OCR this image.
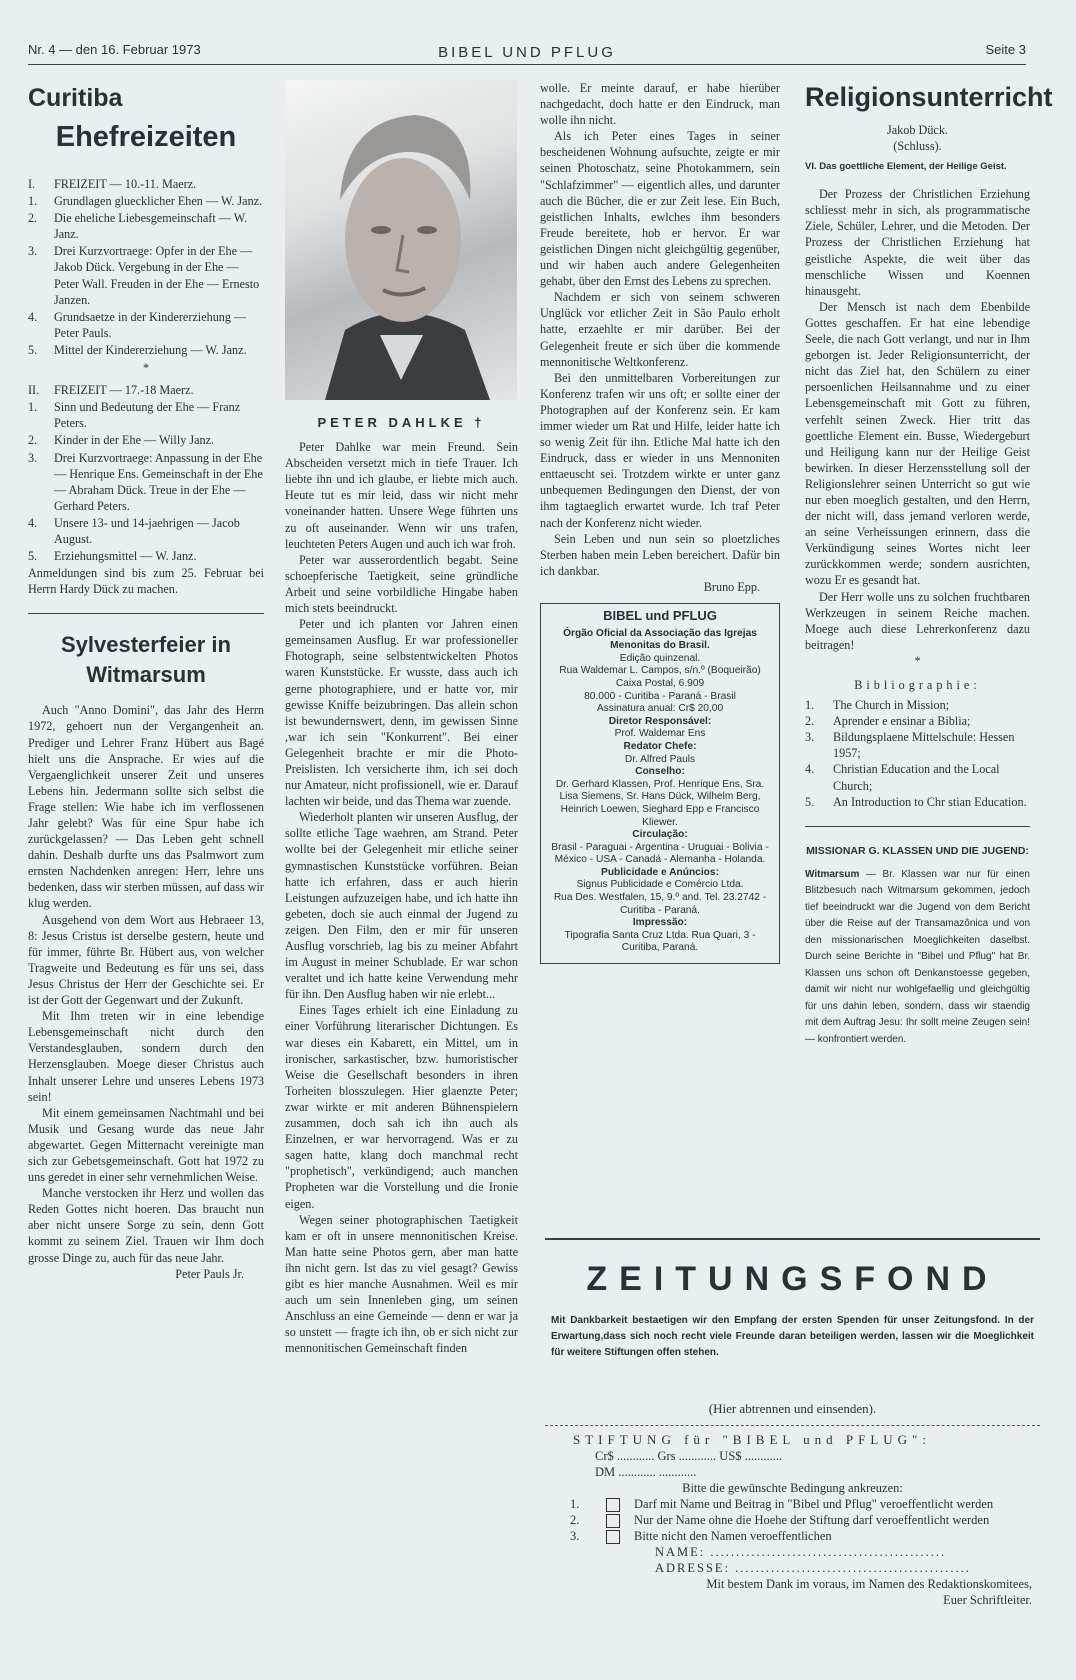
Nr. 4 — den 16. Februar 1973	BIBEL UND PFLUG	Seite 3
Curitiba
Ehefreizeiten
I.	FREIZEIT — 10.-11. Maerz.
1.	Grundlagen gluecklicher Ehen — W. Janz.
2.	Die eheliche Liebesgemeinschaft — W. Janz.
3.	Drei Kurzvortraege: Opfer in der Ehe — Jakob Dück. Vergebung in der Ehe — Peter Wall. Freuden in der Ehe — Ernesto Janzen.
4.	Grundsaetze in der Kindererziehung — Peter Pauls.
5.	Mittel der Kindererziehung — W. Janz.
*
II.	FREIZEIT — 17.-18 Maerz.
1.	Sinn und Bedeutung der Ehe — Franz Peters.
2.	Kinder in der Ehe — Willy Janz.
3.	Drei Kurzvortraege: Anpassung in der Ehe — Henrique Ens. Gemeinschaft in der Ehe — Abraham Dück. Treue in der Ehe — Gerhard Peters.
4.	Unsere 13- und 14-jaehrigen — Jacob August.
5.	Erziehungsmittel — W. Janz.

Anmeldungen sind bis zum 25. Februar bei Herrn Hardy Dück zu machen.

Sylvesterfeier in
Witmarsum

Auch "Anno Domini", das Jahr des Herrn 1972, gehoert nun der Vergangenheit an. Prediger und Lehrer Franz Hübert aus Bagé hielt uns die Ansprache. Er wies auf die Vergaenglichkeit unserer Zeit und unseres Lebens hin. Jedermann sollte sich selbst die Frage stellen: Wie habe ich im verflossenen Jahr gelebt? Was für eine Spur habe ich zurückgelassen? — Das Leben geht schnell dahin. Deshalb durfte uns das Psalmwort zum ernsten Nachdenken anregen: Herr, lehre uns bedenken, dass wir sterben müssen, auf dass wir klug werden.

Ausgehend von dem Wort aus Hebraeer 13, 8: Jesus Cristus ist derselbe gestern, heute und für immer, führte Br. Hübert aus, von welcher Tragweite und Bedeutung es für uns sei, dass Jesus Christus der Herr der Geschichte sei. Er ist der Gott der Gegenwart und der Zukunft.

Mit Ihm treten wir in eine lebendige Lebensgemeinschaft nicht durch den Verstandesglauben, sondern durch den Herzensglauben. Moege dieser Christus auch Inhalt unserer Lehre und unseres Lebens 1973 sein!

Mit einem gemeinsamen Nachtmahl und bei Musik und Gesang wurde das neue Jahr abgewartet. Gegen Mitternacht vereinigte man sich zur Gebetsgemeinschaft. Gott hat 1972 zu uns geredet in einer sehr vernehmlichen Weise.

Manche verstocken ihr Herz und wollen das Reden Gottes nicht hoeren. Das braucht nun aber nicht unsere Sorge zu sein, denn Gott kommt zu seinem Ziel. Trauen wir Ihm doch grosse Dinge zu, auch für das neue Jahr.

Peter Pauls Jr.
PETER DAHLKE †

Peter Dahlke war mein Freund. Sein Abscheiden versetzt mich in tiefe Trauer. Ich liebte ihn und ich glaube, er liebte mich auch. Heute tut es mir leid, dass wir nicht mehr voneinander hatten. Unsere Wege führten uns zu oft auseinander. Wenn wir uns trafen, leuchteten Peters Augen und auch ich war froh.

Peter war ausserordentlich begabt. Seine schoepferische Taetigkeit, seine gründliche Arbeit und seine vorbildliche Hingabe haben mich stets beeindruckt.

Peter und ich planten vor Jahren einen gemeinsamen Ausflug. Er war professioneller Fhotograph, seine selbstentwickelten Photos waren Kunststücke. Er wusste, dass auch ich gerne photographiere, und er hatte vor, mir gewisse Kniffe beizubringen. Das allein schon ist bewundernswert, denn, im gewissen Sinne ,war ich sein "Konkurrent". Bei einer Gelegenheit brachte er mir die Photo-Preislisten. Ich versicherte ihm, ich sei doch nur Amateur, nicht profissionell, wie er. Darauf lachten wir beide, und das Thema war zuende.

Wiederholt planten wir unseren Ausflug, der sollte etliche Tage waehren, am Strand. Peter wollte bei der Gelegenheit mir etliche seiner gymnastischen Kunststücke vorführen. Beian hatte ich erfahren, dass er auch hierin Leistungen aufzuzeigen habe, und ich hatte ihn gebeten, doch sie auch einmal der Jugend zu zeigen. Den Film, den er mir für unseren Ausflug vorschrieb, lag bis zu meiner Abfahrt im August in meiner Schublade. Er war schon veraltet und ich hatte keine Verwendung mehr für ihn. Den Ausflug haben wir nie erlebt...

Eines Tages erhielt ich eine Einladung zu einer Vorführung literarischer Dichtungen. Es war dieses ein Kabarett, ein Mittel, um in ironischer, sarkastischer, bzw. humoristischer Weise die Gesellschaft besonders in ihren Torheiten blosszulegen. Hier glaenzte Peter; zwar wirkte er mit anderen Bühnenspielern zusammen, doch sah ich ihn auch als Einzelnen, er war hervorragend. Was er zu sagen hatte, klang doch manchmal recht "prophetisch", verkündigend; auch manchen Propheten war die Vorstellung und die Ironie eigen.

Wegen seiner photographischen Taetigkeit kam er oft in unsere mennonitischen Kreise. Man hatte seine Photos gern, aber man hatte ihn nicht gern. Ist das zu viel gesagt? Gewiss gibt es hier manche Ausnahmen. Weil es mir auch um sein Innenleben ging, um seinen Anschluss an eine Gemeinde — denn er war ja so unstett — fragte ich ihn, ob er sich nicht zur mennonitischen Gemeinschaft finden

wolle. Er meinte darauf, er habe hierüber nachgedacht, doch hatte er den Eindruck, man wolle ihn nicht.

Als ich Peter eines Tages in seiner bescheidenen Wohnung aufsuchte, zeigte er mir seinen Photoschatz, seine Photokammern, sein "Schlafzimmer" — eigentlich alles, und darunter auch die Bücher, die er zur Zeit lese. Ein Buch, geistlichen Inhalts, ewlches ihm besonders Freude bereitete, hob er hervor. Er war geistlichen Dingen nicht gleichgültig gegenüber, und wir haben auch andere Gelegenheiten gehabt, über den Ernst des Lebens zu sprechen.

Nachdem er sich von seinem schweren Unglück vor etlicher Zeit in São Paulo erholt hatte, erzaehlte er mir darüber. Bei der Gelegenheit freute er sich über die kommende mennonitische Weltkonferenz.

Bei den unmittelbaren Vorbereitungen zur Konferenz trafen wir uns oft; er sollte einer der Photographen auf der Konferenz sein. Er kam immer wieder um Rat und Hilfe, leider hatte ich so wenig Zeit für ihn. Etliche Mal hatte ich den Eindruck, dass er wieder in uns Mennoniten enttaeuscht sei. Trotzdem wirkte er unter ganz unbequemen Bedingungen den Dienst, der von ihm tagtaeglich erwartet wurde. Ich traf Peter nach der Konferenz nicht wieder.

Sein Leben und nun sein so ploetzliches Sterben haben mein Leben bereichert. Dafür bin ich dankbar.

Bruno Epp.
BIBEL und PFLUG
Órgão Oficial da Associação das Igrejas Menonitas do Brasil.
Edição quinzenal.
Rua Waldemar L. Campos, s/n.º (Boqueirão)
Caixa Postal, 6.909
80.000 - Curitiba - Paraná - Brasil
Assinatura anual: Cr$ 20,00
Diretor Responsável:
Prof. Waldemar Ens
Redator Chefe:
Dr. Alfred Pauls
Conselho:
Dr. Gerhard Klassen, Prof. Henrique Ens, Sra. Lisa Siemens, Sr. Hans Dück, Wilhelm Berg, Heinrich Loewen, Sieghard Epp e Francisco Kliewer.
Circulação:
Brasil - Paraguai - Argentina - Uruguai - Bolivia - México - USA - Canadá - Alemanha - Holanda.
Publicidade e Anúncios:
Signus Publicidade e Comércio Ltda.
Rua Des. Westfalen, 15, 9.º and. Tel. 23.2742 - Curitiba - Paraná.
Impressão:
Tipografia Santa Cruz Ltda. Rua Quari, 3 - Curitiba, Paraná.
Religionsunterricht
Jakob Dück.
(Schluss).
VI. Das goettliche Element, der Heilige Geist.

Der Prozess der Christlichen Erziehung schliesst mehr in sich, als programmatische Ziele, Schüler, Lehrer, und die Metoden. Der Prozess der Christlichen Erziehung hat geistliche Aspekte, die weit über das menschliche Wissen und Koennen hinausgeht.

Der Mensch ist nach dem Ebenbilde Gottes geschaffen. Er hat eine lebendige Seele, die nach Gott verlangt, und nur in Ihm geborgen ist. Jeder Religionsunterricht, der nicht das Ziel hat, den Schülern zu einer persoenlichen Heilsannahme und zu einer Lebensgemeinschaft mit Gott zu führen, verfehlt seinen Zweck. Hier tritt das goettliche Element ein. Busse, Wiedergeburt und Heiligung kann nur der Heilige Geist bewirken. In dieser Herzensstellung soll der Religionslehrer seinen Unterricht so gut wie nur eben moeglich gestalten, und den Herrn, der nicht will, dass jemand verloren werde, an seine Verheissungen erinnern, dass die Verkündigung seines Wortes nicht leer zurückkommen werde; sondern ausrichten, wozu Er es gesandt hat.

Der Herr wolle uns zu solchen fruchtbaren Werkzeugen in seinem Reiche machen. Moege auch diese Lehrerkonferenz dazu beitragen!

*
Bibliographie:
1.	The Church in Mission;
2.	Aprender e ensinar a Biblia;
3.	Bildungsplaene Mittelschule: Hessen 1957;
4.	Christian Education and the Local Church;
5.	An Introduction to Chr stian Education.
MISSIONAR G. KLASSEN UND DIE JUGEND:
Witmarsum — Br. Klassen war nur für einen Blitzbesuch nach Witmarsum gekommen, jedoch tief beeindruckt war die Jugend von dem Bericht über die Reise auf der Transamazônica und von den missionarischen Moeglichkeiten daselbst. Durch seine Berichte in "Bibel und Pflug" hat Br. Klassen uns schon oft Denkanstoesse gegeben, damit wir nicht nur wohlgefaellig und gleichgültig für uns dahin leben, sondern, dass wir staendig mit dem Auftrag Jesu: Ihr sollt meine Zeugen sein! — konfrontiert werden.
ZEITUNGSFOND
Mit Dankbarkeit bestaetigen wir den Empfang der ersten Spenden für unser Zeitungsfond. In der Erwartung,dass sich noch recht viele Freunde daran beteiligen werden, lassen wir die Moeglichkeit für weitere Stiftungen offen stehen.
(Hier abtrennen und einsenden).
STIFTUNG für "BIBEL und PFLUG":
Cr$ ............ Grs ............ US$ ............
DM ............ ............
Bitte die gewünschte Bedingung ankreuzen:
1.	Darf mit Name und Beitrag in "Bibel und Pflug" veroeffentlicht werden
2.	Nur der Name ohne die Hoehe der Stiftung darf veroeffentlicht werden
3.	Bitte nicht den Namen veroeffentlichen
NAME: ..............................................
ADRESSE: ..............................................
Mit bestem Dank im voraus, im Namen des Redaktionskomitees,
Euer Schriftleiter.
